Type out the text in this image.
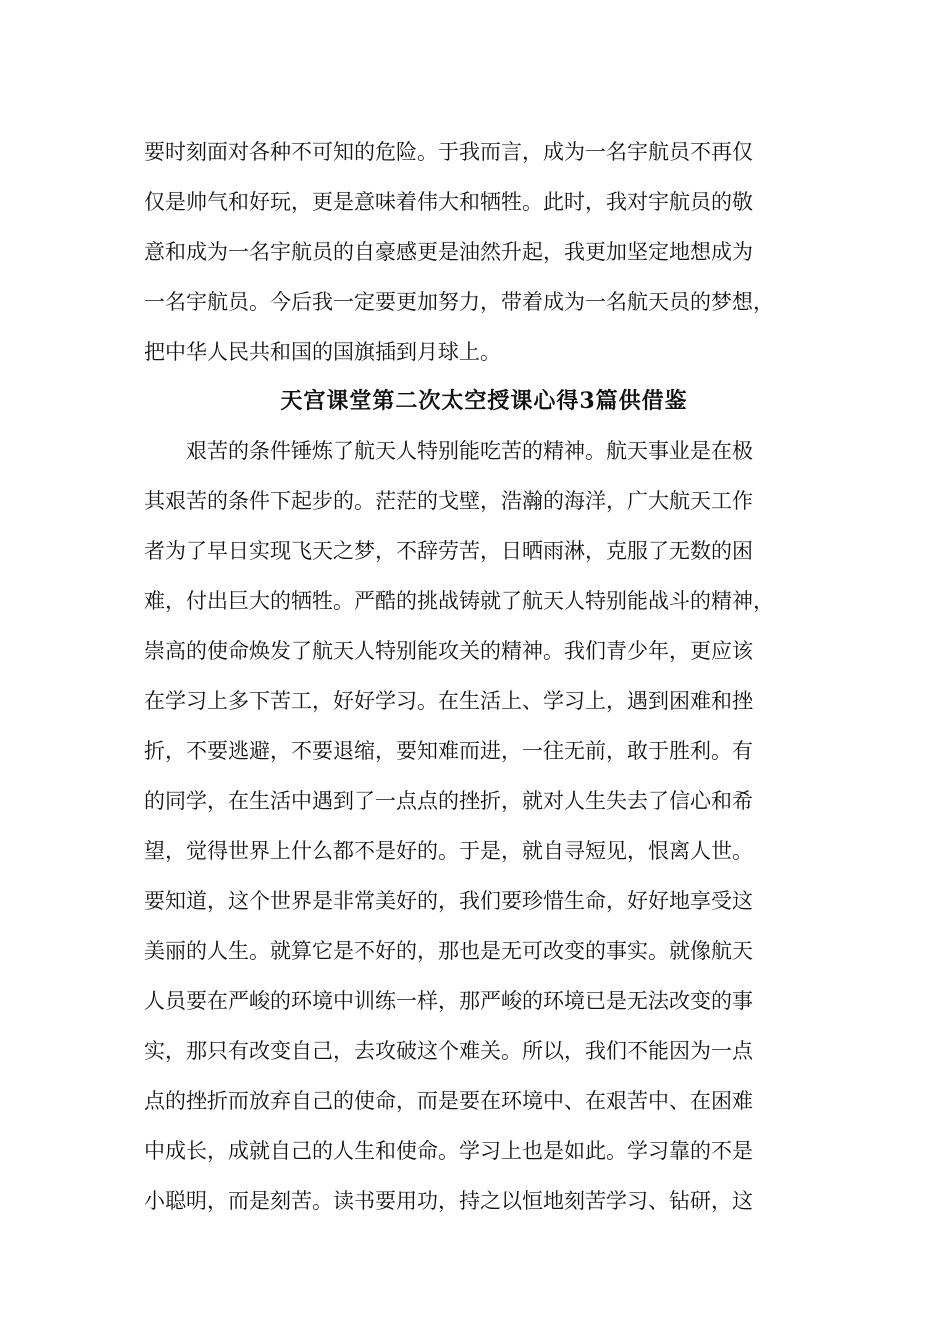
要时刻面对各种不可知的危险。于我而言，成为一名宇航员不再仅
仅是帅气和好玩，更是意味着伟大和牺牲。此时，我对宇航员的敬
意和成为一名宇航员的自豪感更是油然升起，我更加坚定地想成为
一名宇航员。今后我一定要更加努力，带着成为一名航天员的梦想，
把中华人民共和国的国旗插到月球上。
天宫课堂第二次太空授课心得3篇供借鉴
　　艰苦的条件锤炼了航天人特别能吃苦的精神。航天事业是在极
其艰苦的条件下起步的。茫茫的戈壁，浩瀚的海洋，广大航天工作
者为了早日实现飞天之梦，不辞劳苦，日晒雨淋，克服了无数的困
难，付出巨大的牺牲。严酷的挑战铸就了航天人特别能战斗的精神，
崇高的使命焕发了航天人特别能攻关的精神。我们青少年，更应该
在学习上多下苦工，好好学习。在生活上、学习上，遇到困难和挫
折，不要逃避，不要退缩，要知难而进，一往无前，敢于胜利。有
的同学，在生活中遇到了一点点的挫折，就对人生失去了信心和希
望，觉得世界上什么都不是好的。于是，就自寻短见，恨离人世。
要知道，这个世界是非常美好的，我们要珍惜生命，好好地享受这
美丽的人生。就算它是不好的，那也是无可改变的事实。就像航天
人员要在严峻的环境中训练一样，那严峻的环境已是无法改变的事
实，那只有改变自己，去攻破这个难关。所以，我们不能因为一点
点的挫折而放弃自己的使命，而是要在环境中、在艰苦中、在困难
中成长，成就自己的人生和使命。学习上也是如此。学习靠的不是
小聪明，而是刻苦。读书要用功，持之以恒地刻苦学习、钻研，这
